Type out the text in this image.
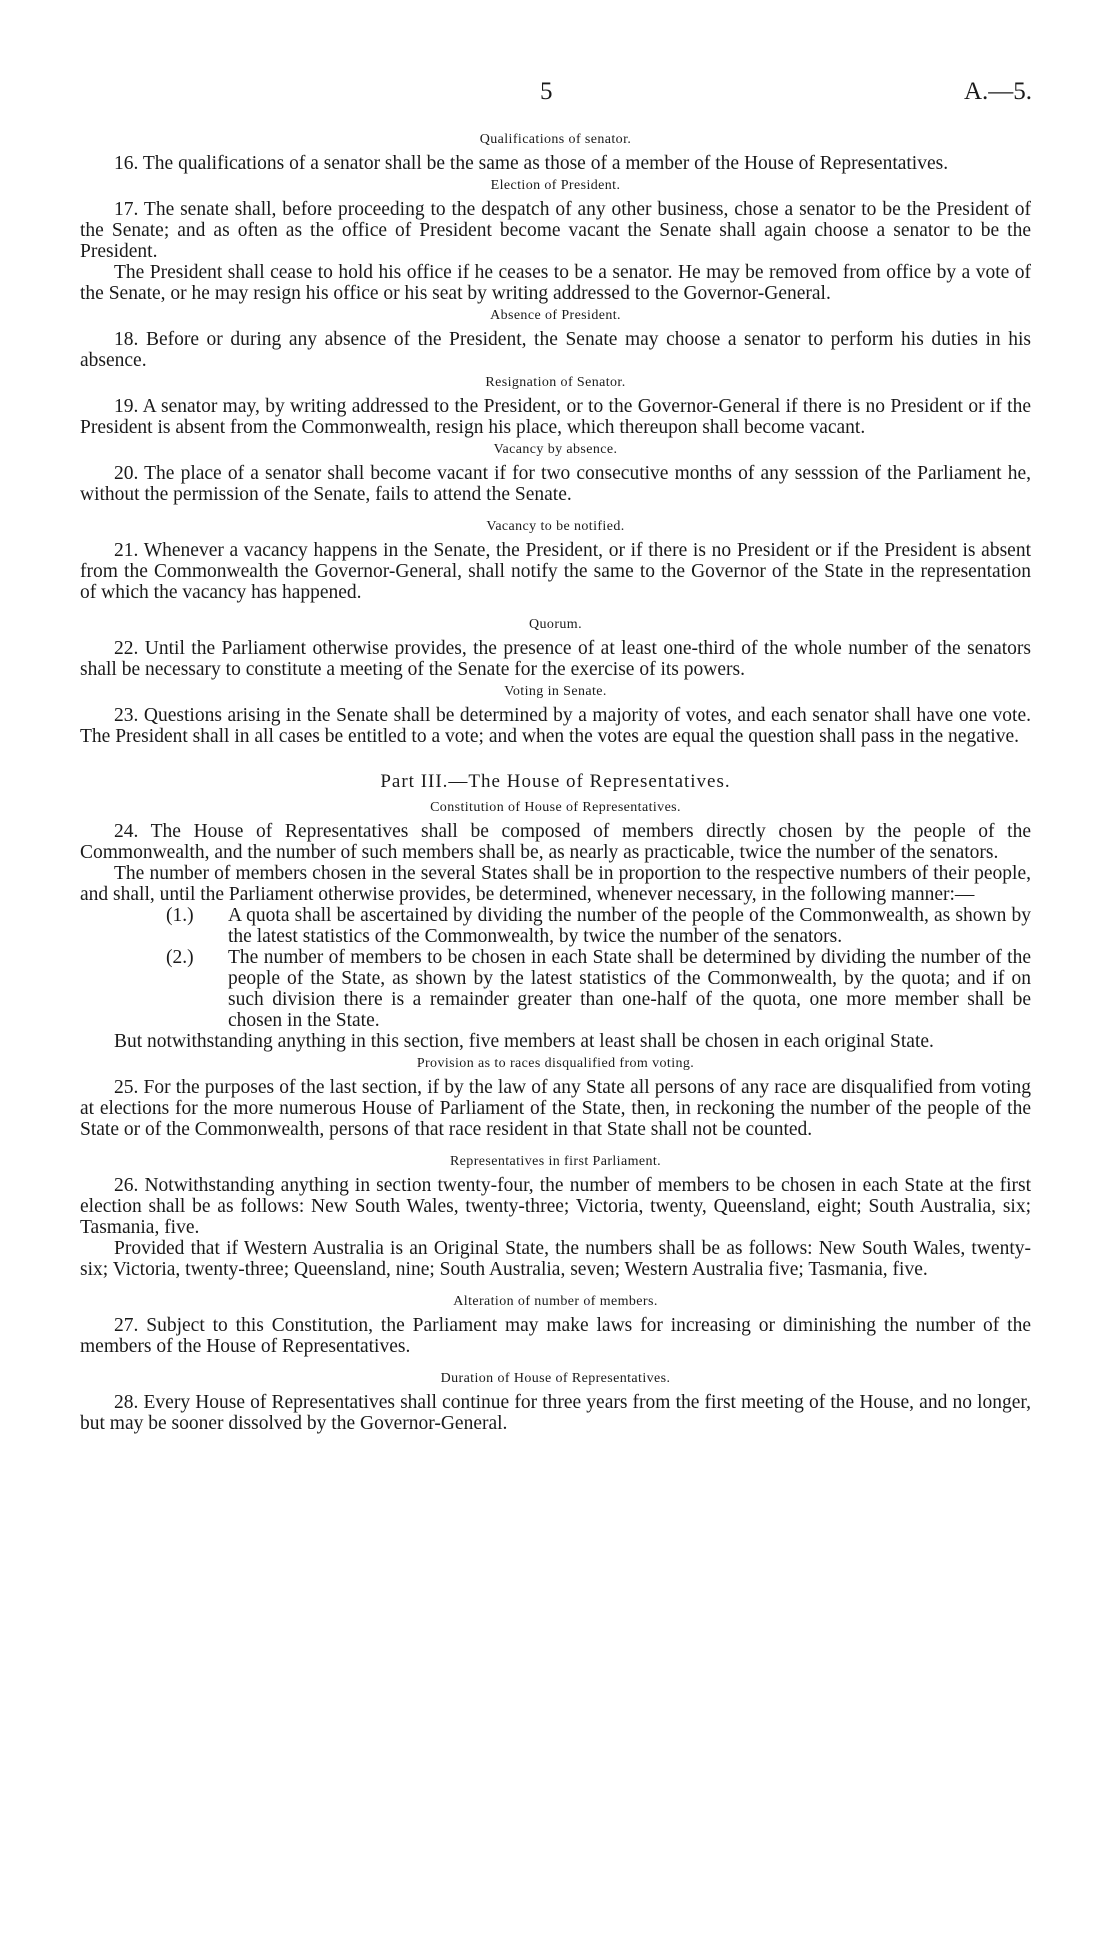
5	A.—5.
Qualifications of senator.

16. The qualifications of a senator shall be the same as those of a member of the House of Representatives.

Election of President.

17. The senate shall, before proceeding to the despatch of any other business, chose a senator to be the President of the Senate; and as often as the office of President become vacant the Senate shall again choose a senator to be the President.

The President shall cease to hold his office if he ceases to be a senator. He may be removed from office by a vote of the Senate, or he may resign his office or his seat by writing addressed to the Governor-General.

Absence of President.

18. Before or during any absence of the President, the Senate may choose a senator to perform his duties in his absence.

Resignation of Senator.

19. A senator may, by writing addressed to the President, or to the Governor-General if there is no President or if the President is absent from the Commonwealth, resign his place, which thereupon shall become vacant.

Vacancy by absence.

20. The place of a senator shall become vacant if for two consecutive months of any sesssion of the Parliament he, without the permission of the Senate, fails to attend the Senate.

Vacancy to be notified.

21. Whenever a vacancy happens in the Senate, the President, or if there is no President or if the President is absent from the Commonwealth the Governor-General, shall notify the same to the Governor of the State in the representation of which the vacancy has happened.

Quorum.

22. Until the Parliament otherwise provides, the presence of at least one-third of the whole number of the senators shall be necessary to constitute a meeting of the Senate for the exercise of its powers.

Voting in Senate.

23. Questions arising in the Senate shall be determined by a majority of votes, and each senator shall have one vote. The President shall in all cases be entitled to a vote; and when the votes are equal the question shall pass in the negative.

Part III.—The House of Representatives.
Constitution of House of Representatives.

24. The House of Representatives shall be composed of members directly chosen by the people of the Commonwealth, and the number of such members shall be, as nearly as practicable, twice the number of the senators.

The number of members chosen in the several States shall be in proportion to the respective numbers of their people, and shall, until the Parliament otherwise provides, be determined, whenever necessary, in the following manner:—

(1.) A quota shall be ascertained by dividing the number of the people of the Commonwealth, as shown by the latest statistics of the Commonwealth, by twice the number of the senators.
(2.) The number of members to be chosen in each State shall be determined by dividing the number of the people of the State, as shown by the latest statistics of the Commonwealth, by the quota; and if on such division there is a remainder greater than one-half of the quota, one more member shall be chosen in the State.

But notwithstanding anything in this section, five members at least shall be chosen in each original State.

Provision as to races disqualified from voting.

25. For the purposes of the last section, if by the law of any State all persons of any race are disqualified from voting at elections for the more numerous House of Parliament of the State, then, in reckoning the number of the people of the State or of the Commonwealth, persons of that race resident in that State shall not be counted.

Representatives in first Parliament.

26. Notwithstanding anything in section twenty-four, the number of members to be chosen in each State at the first election shall be as follows: New South Wales, twenty-three; Victoria, twenty, Queensland, eight; South Australia, six; Tasmania, five.

Provided that if Western Australia is an Original State, the numbers shall be as follows: New South Wales, twenty-six; Victoria, twenty-three; Queensland, nine; South Australia, seven; Western Australia five; Tasmania, five.

Alteration of number of members.

27. Subject to this Constitution, the Parliament may make laws for increasing or diminishing the number of the members of the House of Representatives.

Duration of House of Representatives.

28. Every House of Representatives shall continue for three years from the first meeting of the House, and no longer, but may be sooner dissolved by the Governor-General.
